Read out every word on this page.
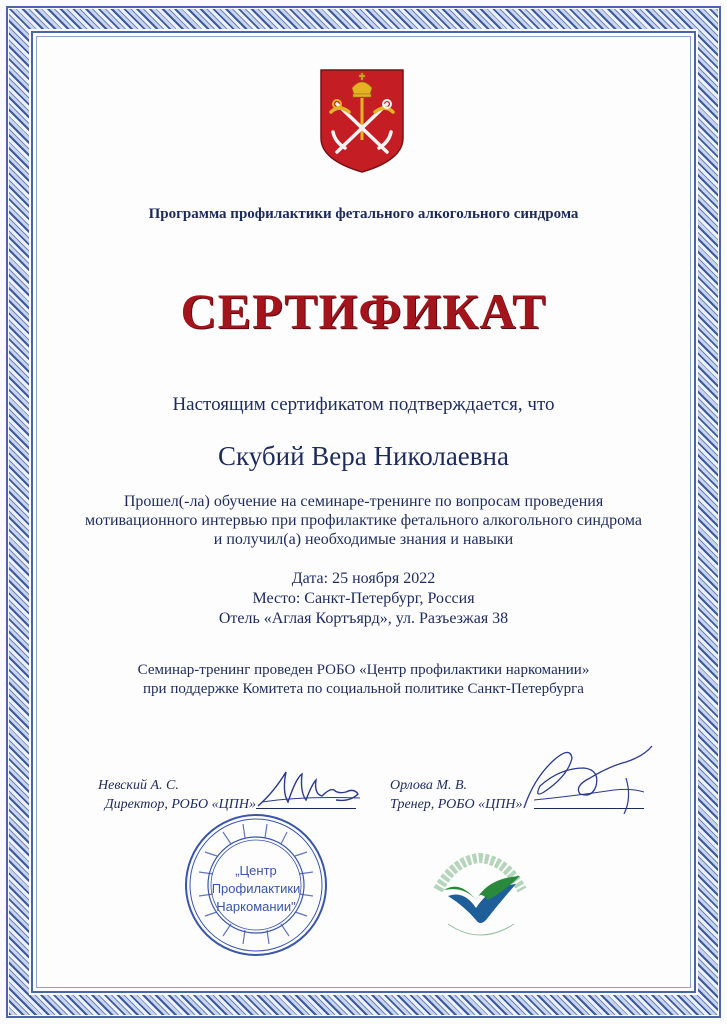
Программа профилактики фетального алкогольного синдрома
СЕРТИФИКАТ
Настоящим сертификатом подтверждается, что
Скубий Вера Николаевна
Прошел(-ла) обучение на семинаре-тренинге по вопросам проведения
мотивационного интервью при профилактике фетального алкогольного синдрома
и получил(а) необходимые знания и навыки
Дата: 25 ноября 2022
Место: Санкт-Петербург, Россия
Отель «Аглая Кортъярд», ул. Разъезжая 38
Семинар-тренинг проведен РОБО «Центр профилактики наркомании»
при поддержке Комитета по социальной политике Санкт-Петербурга
Невский А. С.
Директор, РОБО «ЦПН»
Орлова М. В.
Тренер, РОБО «ЦПН»
„Центр
Профилактики
Наркомании"
